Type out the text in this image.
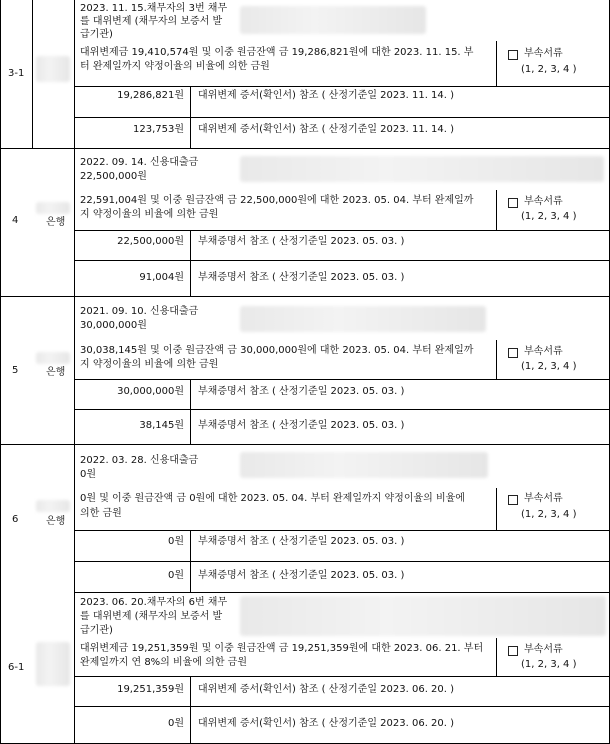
3-1
2023. 11. 15.채무자의 3번 채무
를 대위변제 (채무자의 보증서 발
급기관)
대위변제금 19,410,574원 및 이중 원금잔액 금 19,286,821원에 대한 2023. 11. 15. 부
터 완제일까지 약정이율의 비율에 의한 금원
부속서류
(1, 2, 3, 4 )
19,286,821원 대위변제 증서(확인서) 참조 ( 산정기준일 2023. 11. 14. )
123,753원 대위변제 증서(확인서) 참조 ( 산정기준일 2023. 11. 14. )
4	은행
2022. 09. 14. 신용대출금
22,500,000원
22,591,004원 및 이중 원금잔액 금 22,500,000원에 대한 2023. 05. 04. 부터 완제일까
지 약정이율의 비율에 의한 금원
부속서류
(1, 2, 3, 4 )
22,500,000원 부채증명서 참조 ( 산정기준일 2023. 05. 03. )
91,004원 부채증명서 참조 ( 산정기준일 2023. 05. 03. )
5	은행
2021. 09. 10. 신용대출금
30,000,000원
30,038,145원 및 이중 원금잔액 금 30,000,000원에 대한 2023. 05. 04. 부터 완제일까
지 약정이율의 비율에 의한 금원
부속서류
(1, 2, 3, 4 )
30,000,000원 부채증명서 참조 ( 산정기준일 2023. 05. 03. )
38,145원 부채증명서 참조 ( 산정기준일 2023. 05. 03. )
6	은행
2022. 03. 28. 신용대출금
0원
0원 및 이중 원금잔액 금 0원에 대한 2023. 05. 04. 부터 완제일까지 약정이율의 비율에
의한 금원
부속서류
(1, 2, 3, 4 )
0원 부채증명서 참조 ( 산정기준일 2023. 05. 03. )
0원 부채증명서 참조 ( 산정기준일 2023. 05. 03. )
6-1
2023. 06. 20.채무자의 6번 채무
를 대위변제 (채무자의 보증서 발
급기관)
대위변제금 19,251,359원 및 이중 원금잔액 금 19,251,359원에 대한 2023. 06. 21. 부터
완제일까지 연 8%의 비율에 의한 금원
부속서류
(1, 2, 3, 4 )
19,251,359원 대위변제 증서(확인서) 참조 ( 산정기준일 2023. 06. 20. )
0원 대위변제 증서(확인서) 참조 ( 산정기준일 2023. 06. 20. )
